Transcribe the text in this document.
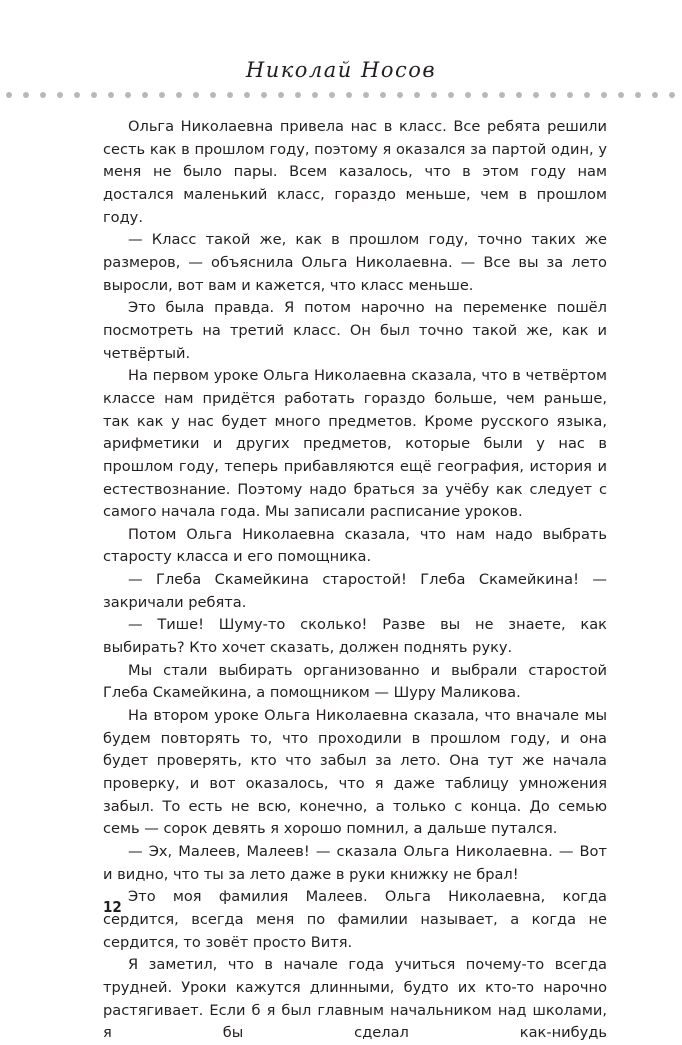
Николай Носов

Ольга Николаевна привела нас в класс. Все ребята решили сесть как в прошлом году, поэтому я оказался за партой один, у меня не было пары. Всем казалось, что в этом году нам достался маленький класс, гораздо меньше, чем в прошлом году.

— Класс такой же, как в прошлом году, точно таких же размеров, — объяснила Ольга Николаевна. — Все вы за лето выросли, вот вам и кажется, что класс меньше.

Это была правда. Я потом нарочно на переменке пошёл посмотреть на третий класс. Он был точно такой же, как и четвёртый.

На первом уроке Ольга Николаевна сказала, что в четвёртом классе нам придётся работать гораздо больше, чем раньше, так как у нас будет много предметов. Кроме русского языка, арифметики и других предметов, которые были у нас в прошлом году, теперь прибавляются ещё география, история и естествознание. Поэтому надо браться за учёбу как следует с самого начала года. Мы записали расписание уроков.

Потом Ольга Николаевна сказала, что нам надо выбрать старосту класса и его помощника.

— Глеба Скамейкина старостой! Глеба Скамейкина! — закричали ребята.

— Тише! Шуму-то сколько! Разве вы не знаете, как выбирать? Кто хочет сказать, должен поднять руку.

Мы стали выбирать организованно и выбрали старостой Глеба Скамейкина, а помощником — Шуру Маликова.

На втором уроке Ольга Николаевна сказала, что вначале мы будем повторять то, что проходили в прошлом году, и она будет проверять, кто что забыл за лето. Она тут же начала проверку, и вот оказалось, что я даже таблицу умножения забыл. То есть не всю, конечно, а только с конца. До семью семь — сорок девять я хорошо помнил, а дальше путался.

— Эх, Малеев, Малеев! — сказала Ольга Николаевна. — Вот и видно, что ты за лето даже в руки книжку не брал!

Это моя фамилия Малеев. Ольга Николаевна, когда сердится, всегда меня по фамилии называет, а когда не сердится, то зовёт просто Витя.

Я заметил, что в начале года учиться почему-то всегда трудней. Уроки кажутся длинными, будто их кто-то нарочно растягивает. Если б я был главным начальником над школами, я бы сделал как-нибудь

12
